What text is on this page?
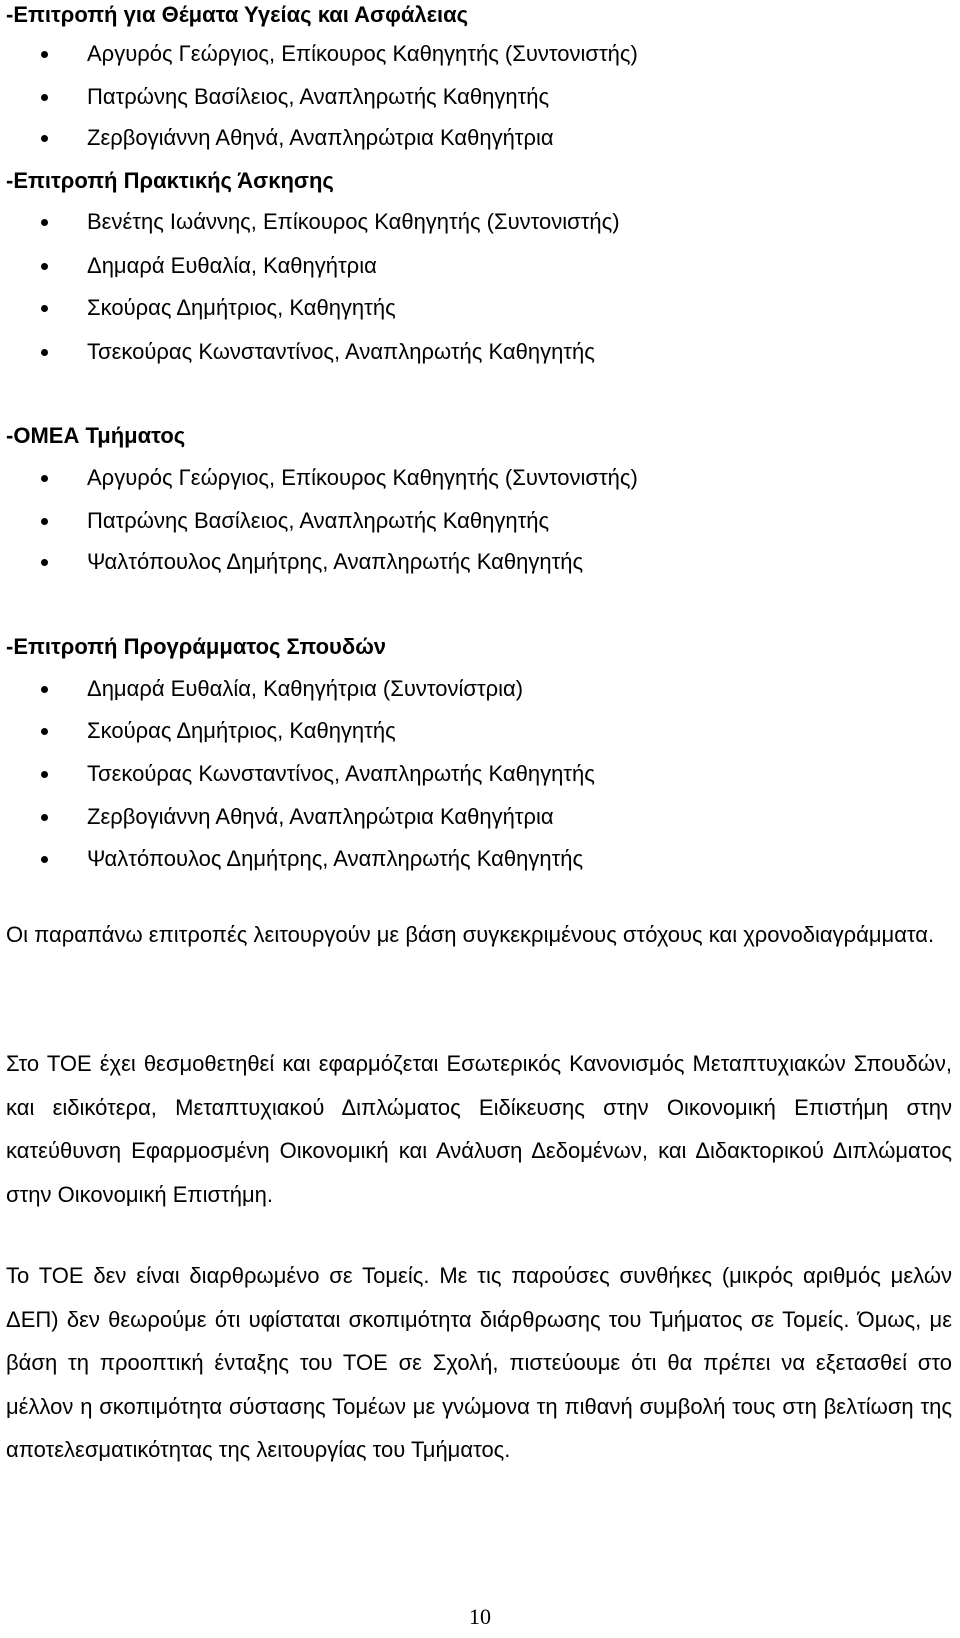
-Επιτροπή για Θέματα Υγείας και Ασφάλειας
Αργυρός Γεώργιος, Επίκουρος Καθηγητής (Συντονιστής)
Πατρώνης Βασίλειος, Αναπληρωτής Καθηγητής
Ζερβογιάννη Αθηνά, Αναπληρώτρια Καθηγήτρια
-Επιτροπή Πρακτικής Άσκησης
Βενέτης Ιωάννης, Επίκουρος Καθηγητής (Συντονιστής)
Δημαρά Ευθαλία, Καθηγήτρια
Σκούρας Δημήτριος, Καθηγητής
Τσεκούρας Κωνσταντίνος, Αναπληρωτής Καθηγητής
-ΟΜΕΑ Τμήματος
Αργυρός Γεώργιος, Επίκουρος Καθηγητής (Συντονιστής)
Πατρώνης Βασίλειος, Αναπληρωτής Καθηγητής
Ψαλτόπουλος Δημήτρης, Αναπληρωτής Καθηγητής
-Επιτροπή Προγράμματος Σπουδών
Δημαρά Ευθαλία, Καθηγήτρια (Συντονίστρια)
Σκούρας Δημήτριος, Καθηγητής
Τσεκούρας Κωνσταντίνος, Αναπληρωτής Καθηγητής
Ζερβογιάννη Αθηνά, Αναπληρώτρια Καθηγήτρια
Ψαλτόπουλος Δημήτρης, Αναπληρωτής Καθηγητής

Οι παραπάνω επιτροπές λειτουργούν με βάση συγκεκριμένους στόχους και χρονοδιαγράμματα.

Στο ΤΟΕ έχει θεσμοθετηθεί και εφαρμόζεται Εσωτερικός Κανονισμός Μεταπτυχιακών Σπουδών, και ειδικότερα, Μεταπτυχιακού Διπλώματος Ειδίκευσης στην Οικονομική Επιστήμη στην κατεύθυνση Εφαρμοσμένη Οικονομική και Ανάλυση Δεδομένων, και Διδακτορικού Διπλώματος στην Οικονομική Επιστήμη.

Το ΤΟΕ δεν είναι διαρθρωμένο σε Τομείς. Με τις παρούσες συνθήκες (μικρός αριθμός μελών ΔΕΠ) δεν θεωρούμε ότι υφίσταται σκοπιμότητα διάρθρωσης του Τμήματος σε Τομείς. Όμως, με βάση τη προοπτική ένταξης του ΤΟΕ σε Σχολή, πιστεύουμε ότι θα πρέπει να εξετασθεί στο μέλλον η σκοπιμότητα σύστασης Τομέων με γνώμονα τη πιθανή συμβολή τους στη βελτίωση της αποτελεσματικότητας της λειτουργίας του Τμήματος.

10
